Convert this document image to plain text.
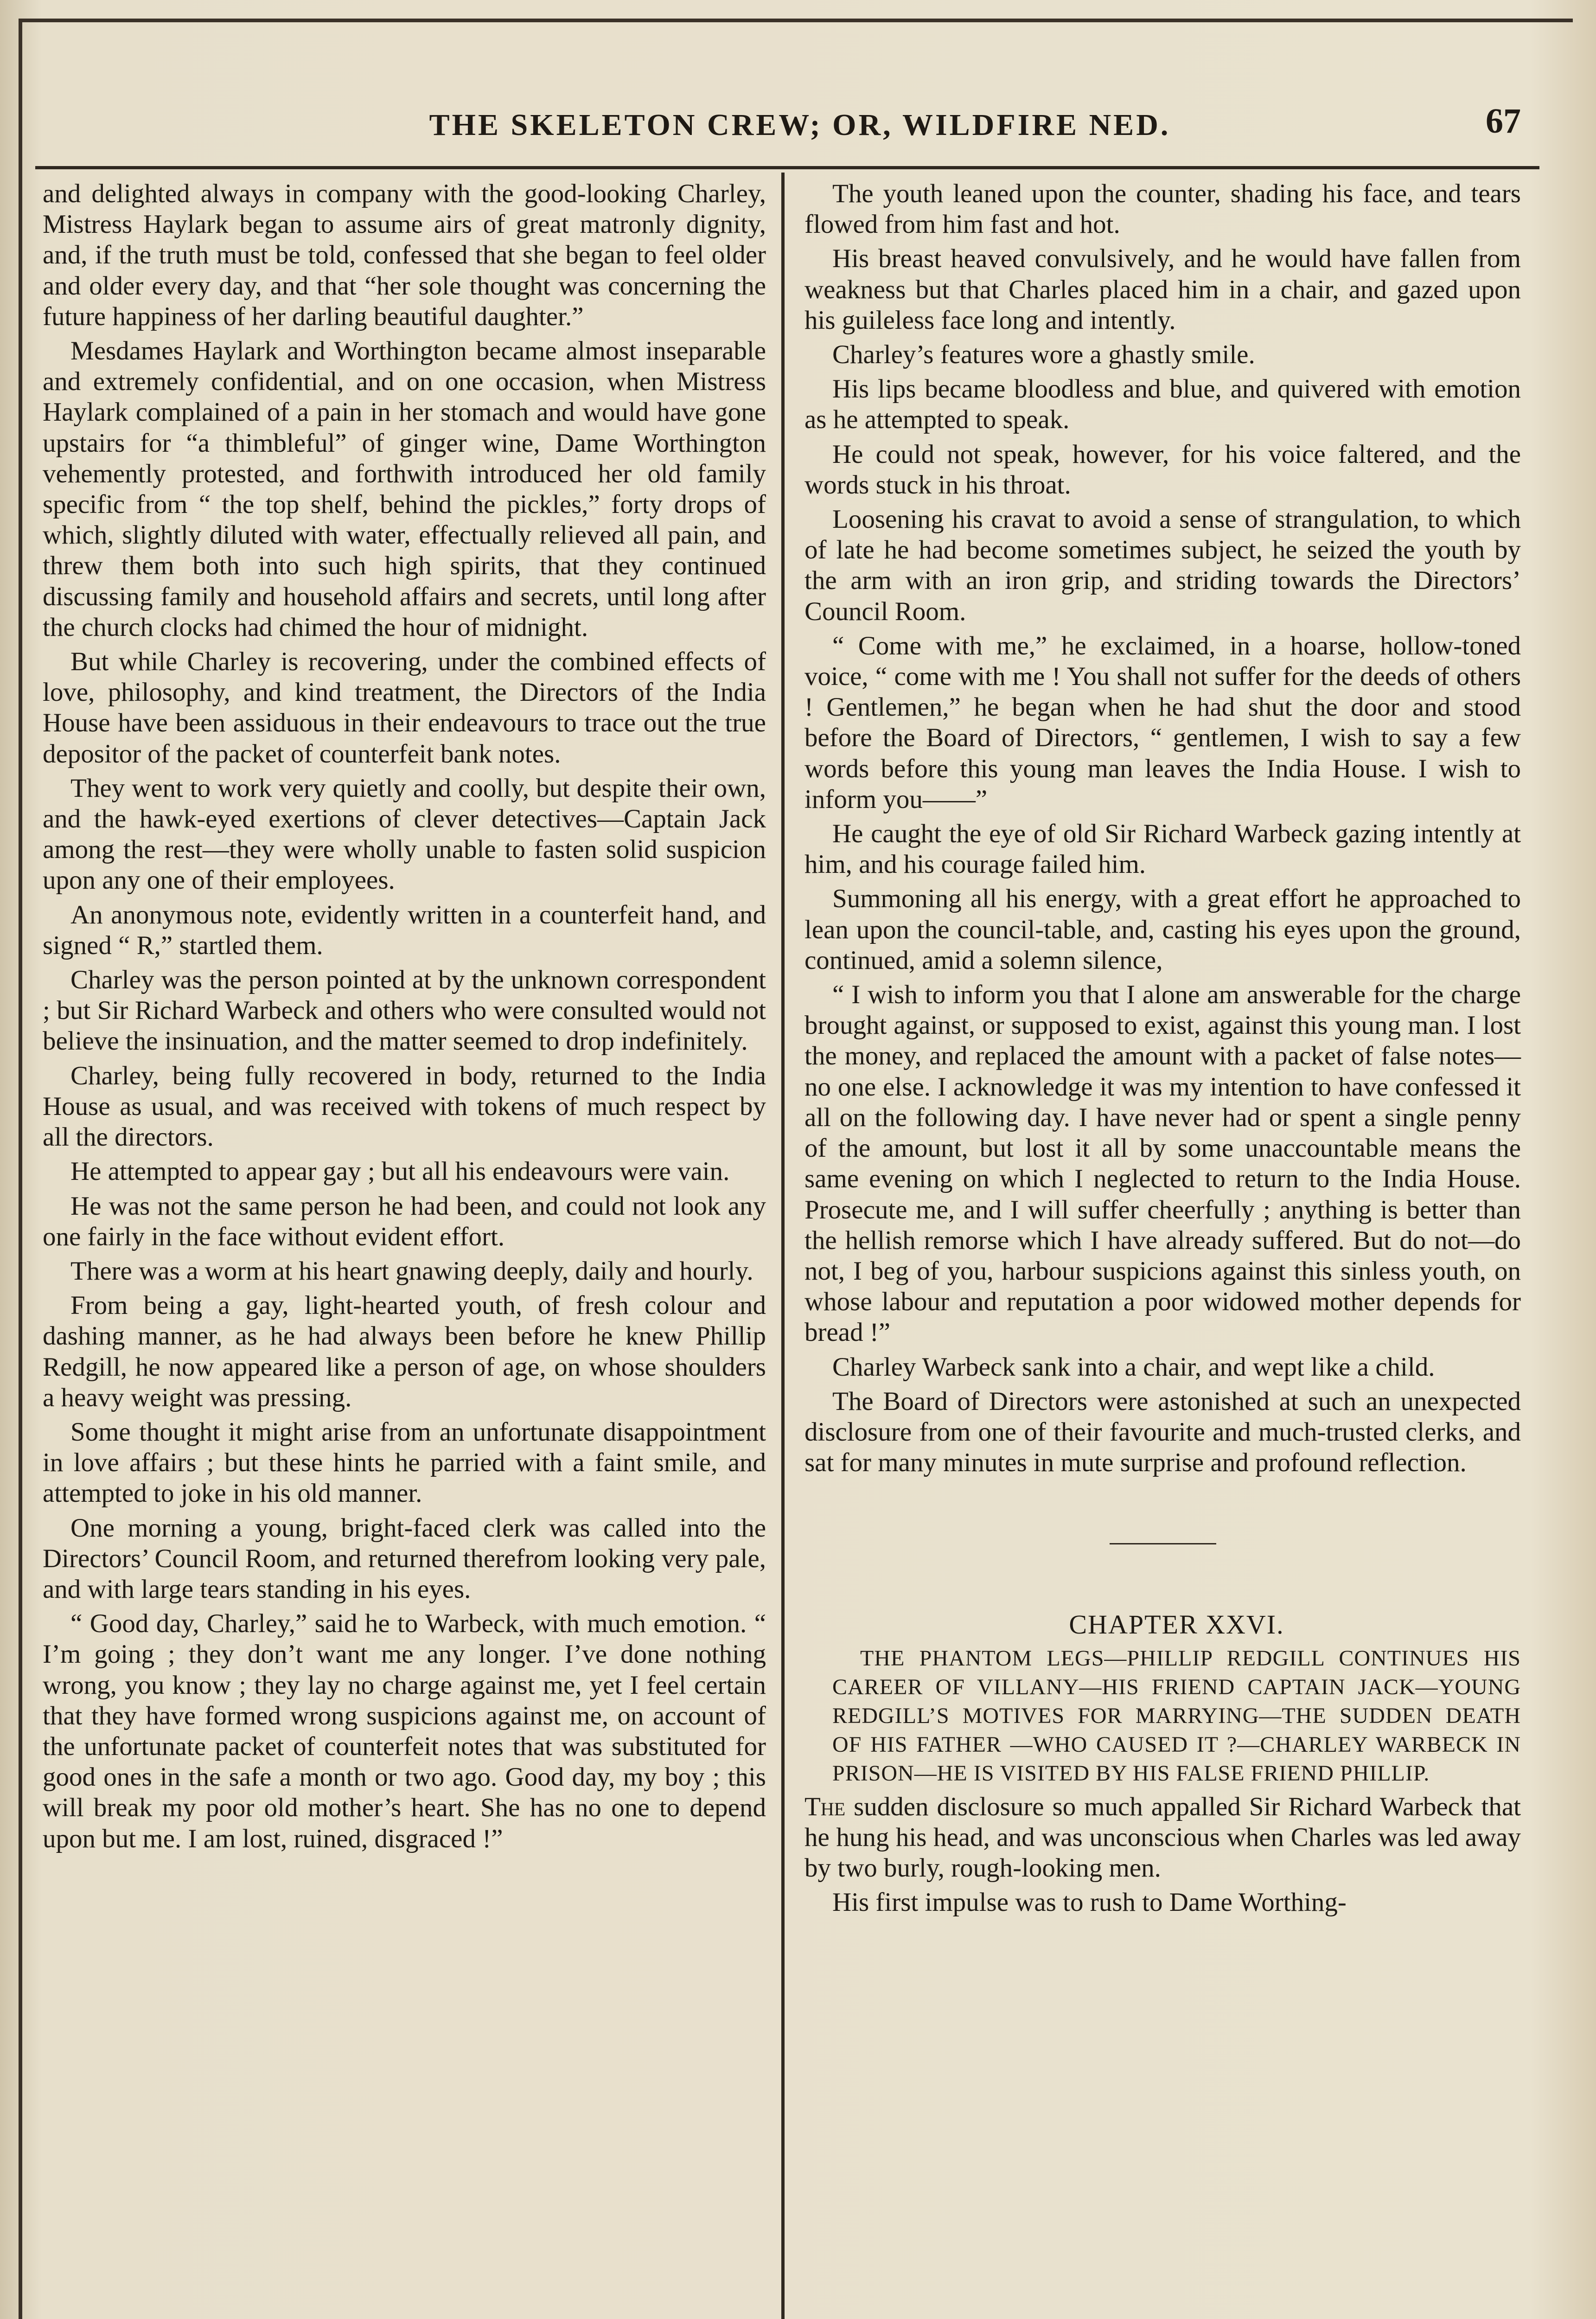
THE SKELETON CREW; OR, WILDFIRE NED.	67

and delighted always in company with the good-looking Charley, Mistress Haylark began to assume airs of great matronly dignity, and, if the truth must be told, confessed that she began to feel older and older every day, and that “her sole thought was concerning the future happiness of her darling beautiful daughter.”

Mesdames Haylark and Worthington became almost inseparable and extremely confidential, and on one occasion, when Mistress Haylark complained of a pain in her stomach and would have gone upstairs for “a thimbleful” of ginger wine, Dame Worthington vehemently protested, and forthwith introduced her old family specific from “ the top shelf, behind the pickles,” forty drops of which, slightly diluted with water, effectually relieved all pain, and threw them both into such high spirits, that they continued discussing family and household affairs and secrets, until long after the church clocks had chimed the hour of midnight.

But while Charley is recovering, under the combined effects of love, philosophy, and kind treatment, the Directors of the India House have been assiduous in their endeavours to trace out the true depositor of the packet of counterfeit bank notes.

They went to work very quietly and coolly, but despite their own, and the hawk-eyed exertions of clever detectives—Captain Jack among the rest—they were wholly unable to fasten solid suspicion upon any one of their employees.

An anonymous note, evidently written in a counterfeit hand, and signed “ R,” startled them.

Charley was the person pointed at by the unknown correspondent ; but Sir Richard Warbeck and others who were consulted would not believe the insinuation, and the matter seemed to drop indefinitely.

Charley, being fully recovered in body, returned to the India House as usual, and was received with tokens of much respect by all the directors.

He attempted to appear gay ; but all his endeavours were vain.

He was not the same person he had been, and could not look any one fairly in the face without evident effort.

There was a worm at his heart gnawing deeply, daily and hourly.

From being a gay, light-hearted youth, of fresh colour and dashing manner, as he had always been before he knew Phillip Redgill, he now appeared like a person of age, on whose shoulders a heavy weight was pressing.

Some thought it might arise from an unfortunate disappointment in love affairs ; but these hints he parried with a faint smile, and attempted to joke in his old manner.

One morning a young, bright-faced clerk was called into the Directors’ Council Room, and returned therefrom looking very pale, and with large tears standing in his eyes.

“ Good day, Charley,” said he to Warbeck, with much emotion. “ I’m going ; they don’t want me any longer. I’ve done nothing wrong, you know ; they lay no charge against me, yet I feel certain that they have formed wrong suspicions against me, on account of the unfortunate packet of counterfeit notes that was substituted for good ones in the safe a month or two ago. Good day, my boy ; this will break my poor old mother’s heart. She has no one to depend upon but me. I am lost, ruined, disgraced !”

The youth leaned upon the counter, shading his face, and tears flowed from him fast and hot.

His breast heaved convulsively, and he would have fallen from weakness but that Charles placed him in a chair, and gazed upon his guileless face long and intently.

Charley’s features wore a ghastly smile.

His lips became bloodless and blue, and quivered with emotion as he attempted to speak.

He could not speak, however, for his voice faltered, and the words stuck in his throat.

Loosening his cravat to avoid a sense of strangulation, to which of late he had become sometimes subject, he seized the youth by the arm with an iron grip, and striding towards the Directors’ Council Room.

“ Come with me,” he exclaimed, in a hoarse, hollow-toned voice, “ come with me ! You shall not suffer for the deeds of others ! Gentlemen,” he began when he had shut the door and stood before the Board of Directors, “ gentlemen, I wish to say a few words before this young man leaves the India House. I wish to inform you——”

He caught the eye of old Sir Richard Warbeck gazing intently at him, and his courage failed him.

Summoning all his energy, with a great effort he approached to lean upon the council-table, and, casting his eyes upon the ground, continued, amid a solemn silence,

“ I wish to inform you that I alone am answerable for the charge brought against, or supposed to exist, against this young man. I lost the money, and replaced the amount with a packet of false notes—no one else. I acknowledge it was my intention to have confessed it all on the following day. I have never had or spent a single penny of the amount, but lost it all by some unaccountable means the same evening on which I neglected to return to the India House. Prosecute me, and I will suffer cheerfully ; anything is better than the hellish remorse which I have already suffered. But do not—do not, I beg of you, harbour suspicions against this sinless youth, on whose labour and reputation a poor widowed mother depends for bread !”

Charley Warbeck sank into a chair, and wept like a child.

The Board of Directors were astonished at such an unexpected disclosure from one of their favourite and much-trusted clerks, and sat for many minutes in mute surprise and profound reflection.

CHAPTER XXVI.

THE PHANTOM LEGS—PHILLIP REDGILL CONTINUES HIS CAREER OF VILLANY—HIS FRIEND CAPTAIN JACK—YOUNG REDGILL’S MOTIVES FOR MARRYING—THE SUDDEN DEATH OF HIS FATHER —WHO CAUSED IT ?—CHARLEY WARBECK IN PRISON—HE IS VISITED BY HIS FALSE FRIEND PHILLIP.

The sudden disclosure so much appalled Sir Richard Warbeck that he hung his head, and was unconscious when Charles was led away by two burly, rough-looking men.

His first impulse was to rush to Dame Worthing-
